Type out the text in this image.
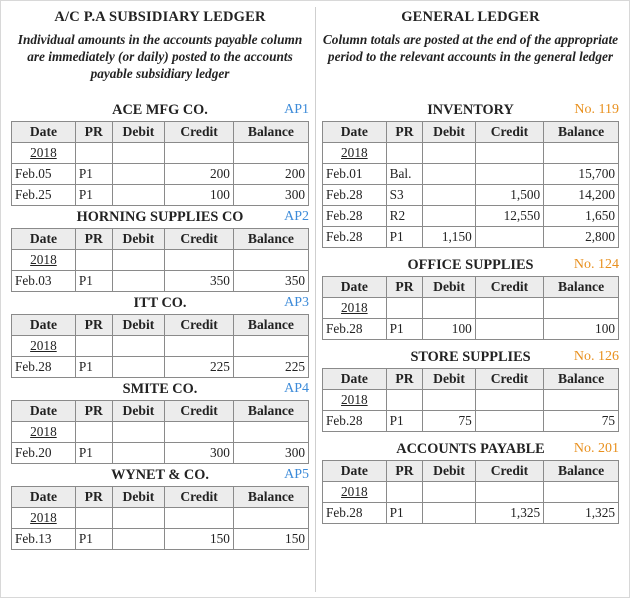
A/C P.A SUBSIDIARY LEDGER
Individual amounts in the accounts payable column are immediately (or daily) posted to the accounts payable subsidiary ledger
ACE MFG CO.	AP1
Date	PR	Debit	Credit	Balance
2018				
Feb.05	P1		200	200
Feb.25	P1		100	300
HORNING SUPPLIES CO	AP2
Date	PR	Debit	Credit	Balance
2018				
Feb.03	P1		350	350
ITT CO.	AP3
Date	PR	Debit	Credit	Balance
2018				
Feb.28	P1		225	225
SMITE CO.	AP4
Date	PR	Debit	Credit	Balance
2018				
Feb.20	P1		300	300
WYNET & CO.	AP5
Date	PR	Debit	Credit	Balance
2018				
Feb.13	P1		150	150
GENERAL LEDGER
Column totals are posted at the end of the appropriate period to the relevant accounts in the general ledger
INVENTORY	No. 119
Date	PR	Debit	Credit	Balance
2018				
Feb.01	Bal.			15,700
Feb.28	S3		1,500	14,200
Feb.28	R2		12,550	1,650
Feb.28	P1	1,150		2,800
OFFICE SUPPLIES	No. 124
Date	PR	Debit	Credit	Balance
2018				
Feb.28	P1	100		100
STORE SUPPLIES	No. 126
Date	PR	Debit	Credit	Balance
2018				
Feb.28	P1	75		75
ACCOUNTS PAYABLE No. 201
Date	PR	Debit	Credit	Balance
2018				
Feb.28	P1		1,325	1,325
